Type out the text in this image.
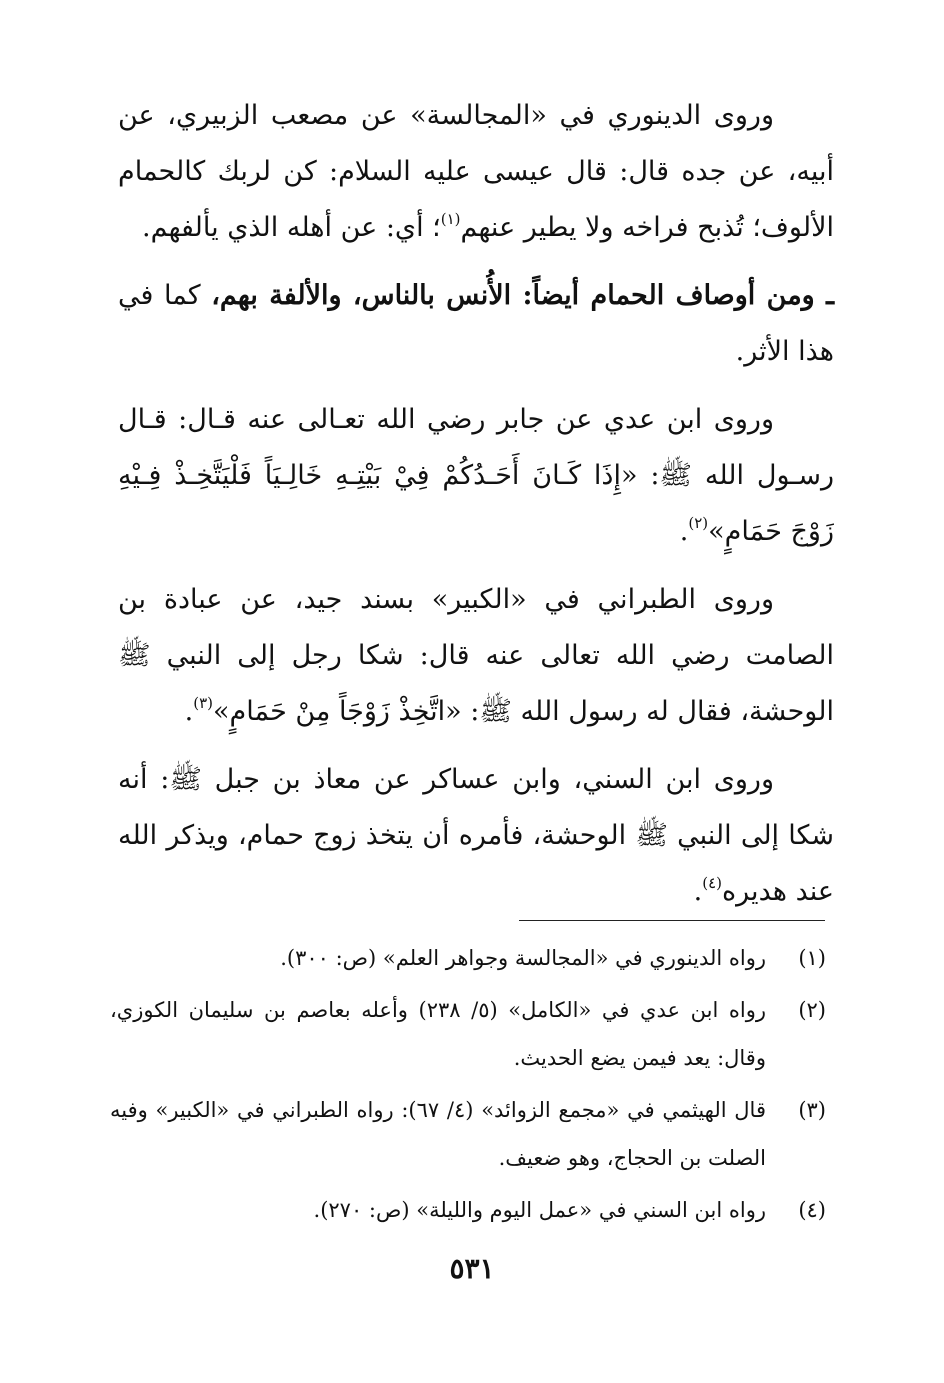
وروى الدينوري في «المجالسة» عن مصعب الزبيري، عن أبيه، عن جده قال: قال عيسى عليه السلام: كن لربك كالحمام الألوف؛ تُذبح فراخه ولا يطير عنهم$^{(١)}$؛ أي: عن أهله الذي يألفهم.

ـ ومن أوصاف الحمام أيضاً: الأُنس بالناس، والألفة بهم، كما في هذا الأثر.

وروى ابن عدي عن جابر رضي الله تعـالى عنه قـال: قـال رسـول الله ﷺ: «إِذَا كَـانَ أَحَـدُكُمْ فِيْ بَيْتِـهِ خَالِـيَاً فَلْيَتَّخِـذْ فِـيْهِ زَوْجَ حَمَامٍ»$^{(٢)}$.

وروى الطبراني في «الكبير» بسند جيد، عن عبادة بن الصامت رضي الله تعالى عنه قال: شكا رجل إلى النبي ﷺ الوحشة، فقال له رسول الله ﷺ: «اتَّخِذْ زَوْجَاً مِنْ حَمَامٍ»$^{(٣)}$.

وروى ابن السني، وابن عساكر عن معاذ بن جبل ﷺ: أنه شكا إلى النبي ﷺ الوحشة، فأمره أن يتخذ زوج حمام، ويذكر الله عند هديره$^{(٤)}$.

(١)
رواه الدينوري في «المجالسة وجواهر العلم» (ص: ٣٠٠).
(٢)
رواه ابن عدي في «الكامل» (٥/ ٢٣٨) وأعله بعاصم بن سليمان الكوزي، وقال: يعد فيمن يضع الحديث.
(٣)
قال الهيثمي في «مجمع الزوائد» (٤/ ٦٧): رواه الطبراني في «الكبير» وفيه الصلت بن الحجاج، وهو ضعيف.
(٤)
رواه ابن السني في «عمل اليوم والليلة» (ص: ٢٧٠).
٥٣١
